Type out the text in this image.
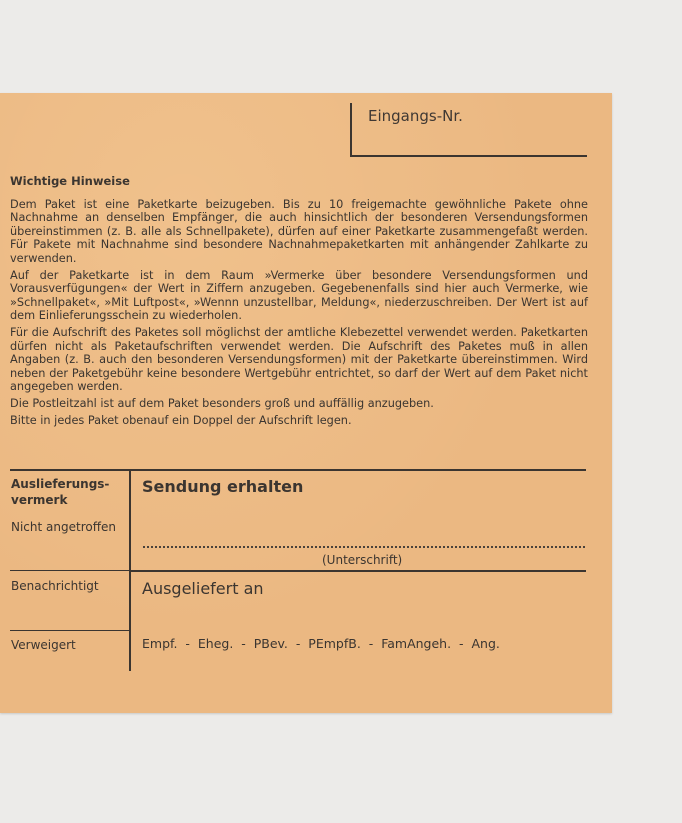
Eingangs-Nr.
Wichtige Hinweise

Dem Paket ist eine Paketkarte beizugeben. Bis zu 10 freigemachte gewöhnliche Pakete ohne Nachnahme an denselben Empfänger, die auch hinsichtlich der besonderen Versendungsformen übereinstimmen (z. B. alle als Schnellpakete), dürfen auf einer Paketkarte zusammengefaßt werden. Für Pakete mit Nachnahme sind besondere Nachnahmepaketkarten mit anhängender Zahlkarte zu verwenden.

Auf der Paketkarte ist in dem Raum »Vermerke über besondere Versendungsformen und Vorausverfügungen« der Wert in Ziffern anzugeben. Gegebenenfalls sind hier auch Vermerke, wie »Schnellpaket«, »Mit Luftpost«, »Wennn unzustellbar, Meldung«, niederzuschreiben. Der Wert ist auf dem Einlieferungsschein zu wiederholen.

Für die Aufschrift des Paketes soll möglichst der amtliche Klebezettel verwendet werden. Paketkarten dürfen nicht als Paketaufschriften verwendet werden. Die Aufschrift des Paketes muß in allen Angaben (z. B. auch den besonderen Versendungsformen) mit der Paketkarte übereinstimmen. Wird neben der Paketgebühr keine besondere Wertgebühr entrichtet, so darf der Wert auf dem Paket nicht angegeben werden.

Die Postleitzahl ist auf dem Paket besonders groß und auffällig anzugeben.

Bitte in jedes Paket obenauf ein Doppel der Aufschrift legen.

Auslieferungs-
vermerk
Nicht angetroffen
Benachrichtigt
Verweigert
Sendung erhalten
(Unterschrift)
Ausgeliefert an
Empf.  -  Eheg.  -  PBev.  -  PEmpfB.  -  FamAngeh.  -  Ang.
